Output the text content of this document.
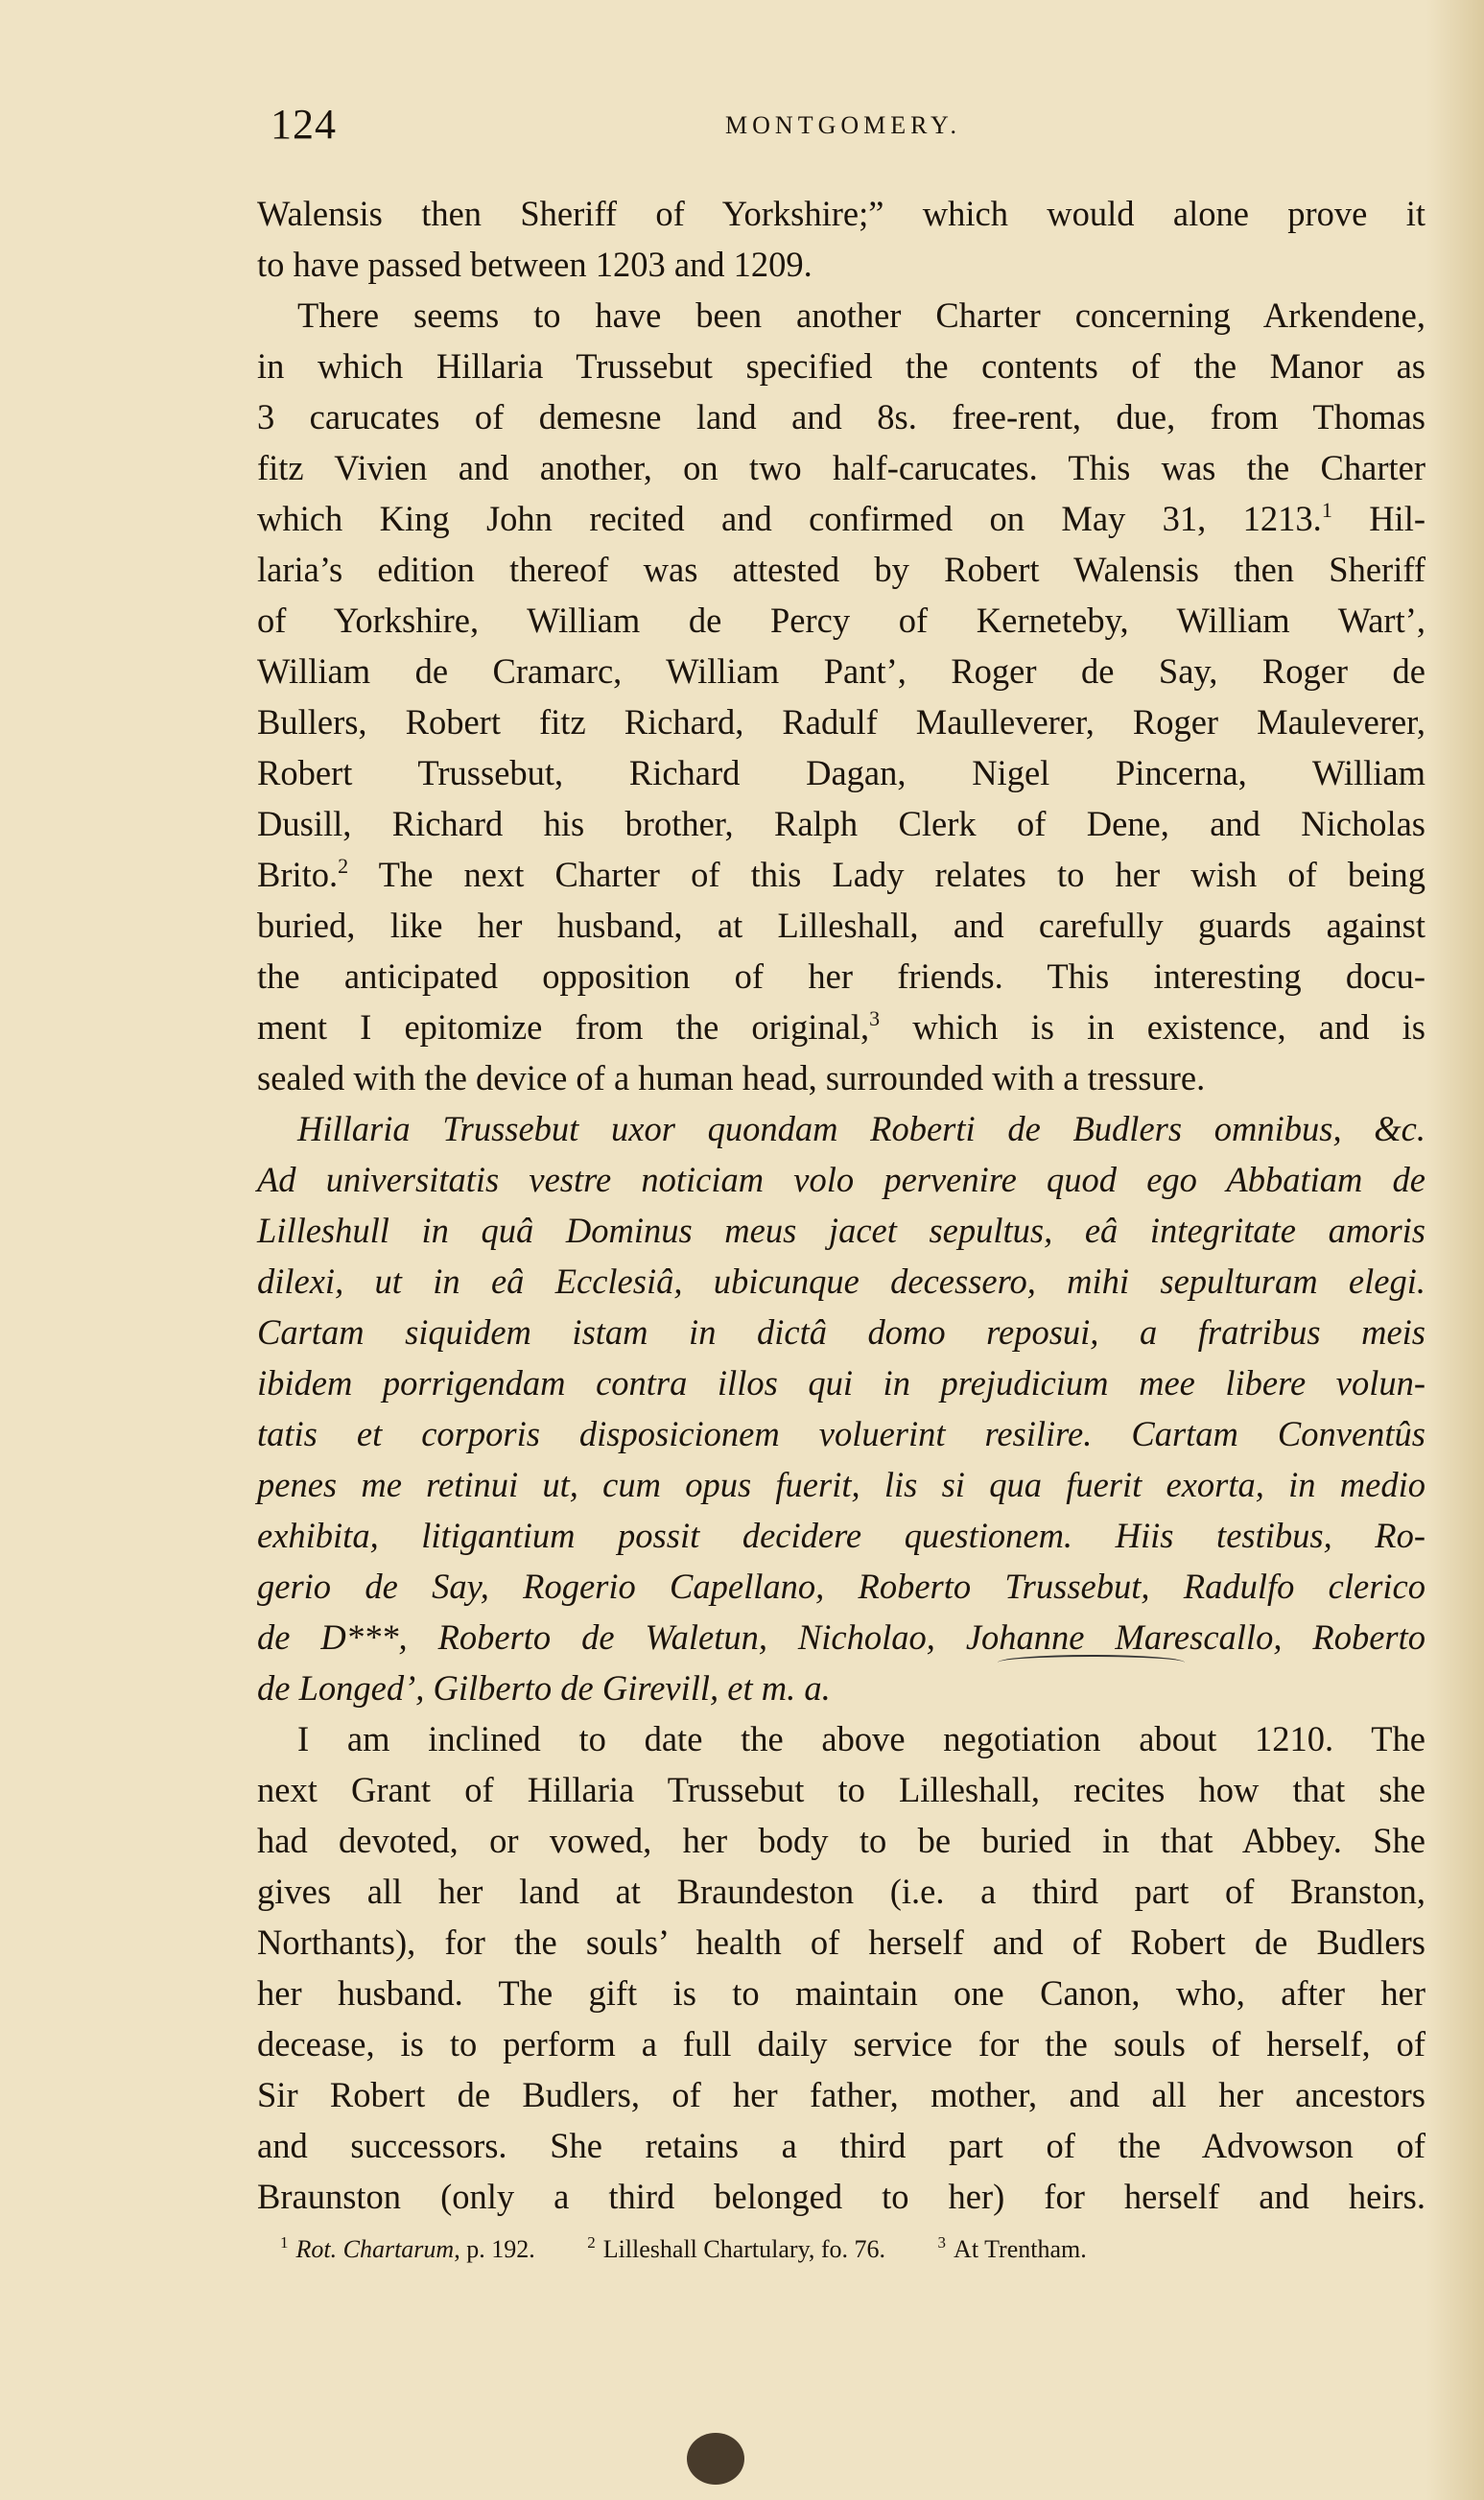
124	MONTGOMERY.
Walensis then Sheriff of Yorkshire;” which would alone prove it
to have passed between 1203 and 1209.
There seems to have been another Charter concerning Arkendene,
in which Hillaria Trussebut specified the contents of the Manor as
3 carucates of demesne land and 8s. free-rent, due, from Thomas
fitz Vivien and another, on two half-carucates. This was the Charter
which King John recited and confirmed on May 31, 1213.$^1$ Hil-
laria’s edition thereof was attested by Robert Walensis then Sheriff
of Yorkshire, William de Percy of Kerneteby, William Wart’,
William de Cramarc, William Pant’, Roger de Say, Roger de
Bullers, Robert fitz Richard, Radulf Maulleverer, Roger Mauleverer,
Robert Trussebut, Richard Dagan, Nigel Pincerna, William
Dusill, Richard his brother, Ralph Clerk of Dene, and Nicholas
Brito.$^2$ The next Charter of this Lady relates to her wish of being
buried, like her husband, at Lilleshall, and carefully guards against
the anticipated opposition of her friends. This interesting docu-
ment I epitomize from the original,$^3$ which is in existence, and is
sealed with the device of a human head, surrounded with a tressure.
Hillaria Trussebut uxor quondam Roberti de Budlers omnibus, &c.
Ad universitatis vestre noticiam volo pervenire quod ego Abbatiam de
Lilleshull in quâ Dominus meus jacet sepultus, eâ integritate amoris
dilexi, ut in eâ Ecclesiâ, ubicunque decessero, mihi sepulturam elegi.
Cartam siquidem istam in dictâ domo reposui, a fratribus meis
ibidem porrigendam contra illos qui in prejudicium mee libere volun-
tatis et corporis disposicionem voluerint resilire. Cartam Conventûs
penes me retinui ut, cum opus fuerit, lis si qua fuerit exorta, in medio
exhibita, litigantium possit decidere questionem. Hiis testibus, Ro-
gerio de Say, Rogerio Capellano, Roberto Trussebut, Radulfo clerico
de D***, Roberto de Waletun, Nicholao, Johanne Marescallo, Roberto
de Longed’, Gilberto de Girevill, et m. a.
I am inclined to date the above negotiation about 1210. The
next Grant of Hillaria Trussebut to Lilleshall, recites how that she
had devoted, or vowed, her body to be buried in that Abbey. She
gives all her land at Braundeston (i.e. a third part of Branston,
Northants), for the souls’ health of herself and of Robert de Budlers
her husband. The gift is to maintain one Canon, who, after her
decease, is to perform a full daily service for the souls of herself, of
Sir Robert de Budlers, of her father, mother, and all her ancestors
and successors. She retains a third part of the Advowson of
Braunston (only a third belonged to her) for herself and heirs.
$^1$ Rot. Chartarum, p. 192.	$^2$ Lilleshall Chartulary, fo. 76.	$^3$ At Trentham.
